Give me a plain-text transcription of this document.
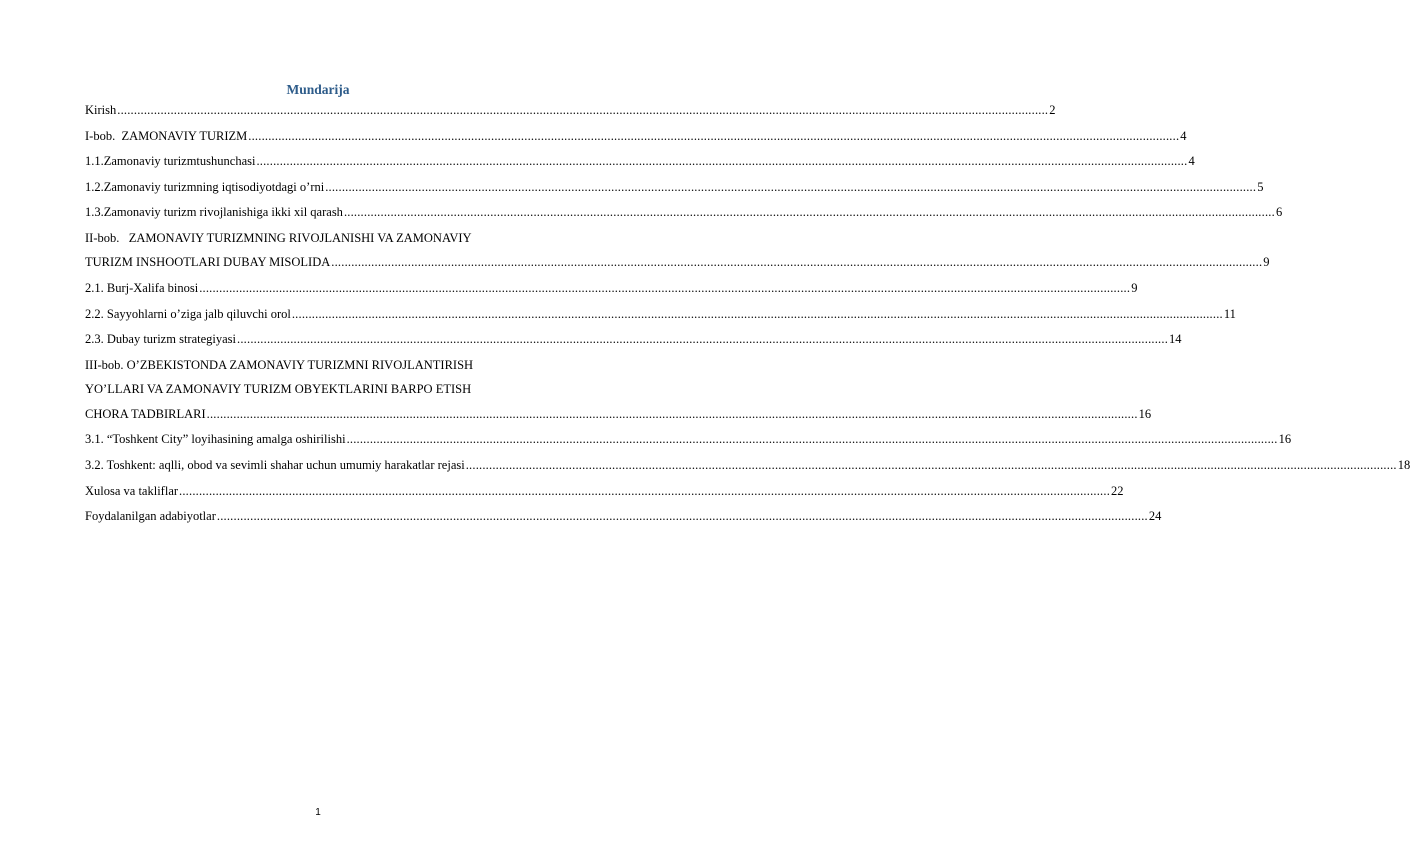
Mundarija
Kirish .....	2
I-bob.  ZAMONAVIY TURIZM .....	4
1.1.Zamonaviy turizmtushunchasi .....	4
1.2.Zamonaviy turizmning iqtisodiyotdagi o’rni .....	5
1.3.Zamonaviy turizm rivojlanishiga ikki xil qarash .....	6
II-bob.   ZAMONAVIY TURIZMNING RIVOJLANISHI VA ZAMONAVIY
TURIZM INSHOOTLARI DUBAY MISOLIDA .....	9
2.1. Burj-Xalifa binosi .....	9
2.2. Sayyohlarni o’ziga jalb qiluvchi orol .....	11
2.3. Dubay turizm strategiyasi .....	14
III-bob. O’ZBEKISTONDA ZAMONAVIY TURIZMNI RIVOJLANTIRISH
YO’LLARI VA ZAMONAVIY TURIZM OBYEKTLARINI BARPO ETISH
CHORA TADBIRLARI .....	16
3.1. “Toshkent City” loyihasining amalga oshirilishi .....	16
3.2. Toshkent: aqlli, obod va sevimli shahar uchun umumiy harakatlar rejasi .....	18
Xulosa va takliflar .....	22
Foydalanilgan adabiyotlar .....	24
1
